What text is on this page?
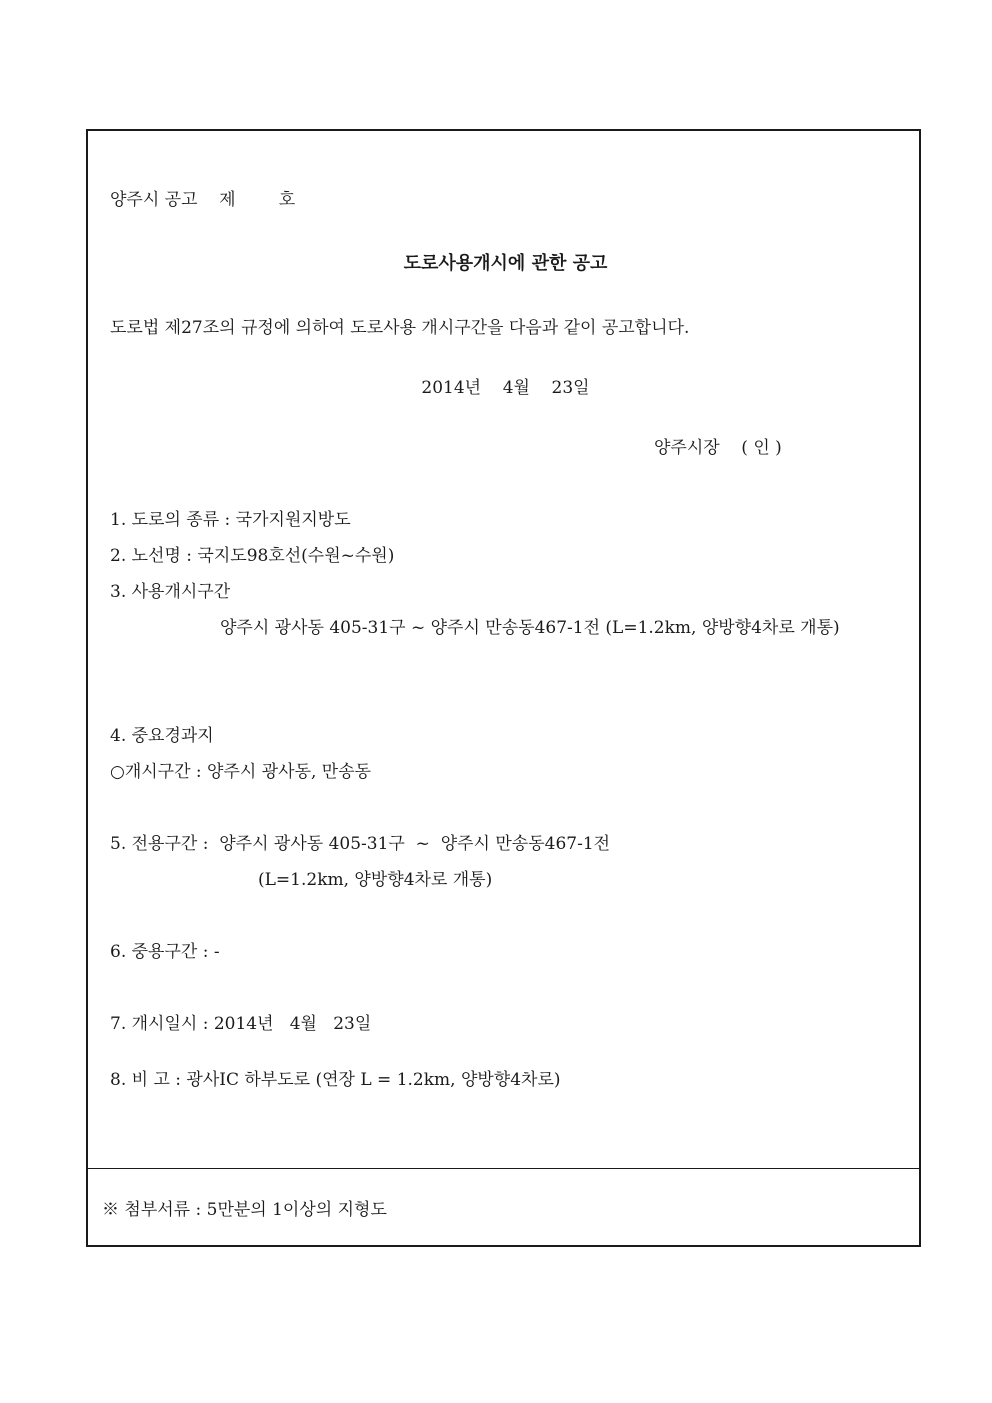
양주시 공고    제        호
도로사용개시에 관한 공고
도로법 제27조의 규정에 의하여 도로사용 개시구간을 다음과 같이 공고합니다.
2014년    4월    23일
양주시장    ( 인 )
1. 도로의 종류 : 국가지원지방도
2. 노선명 : 국지도98호선(수원~수원)
3. 사용개시구간
양주시 광사동 405-31구 ~ 양주시 만송동467-1전 (L=1.2km, 양방향4차로 개통)
4. 중요경과지
○개시구간 : 양주시 광사동, 만송동
5. 전용구간 :  양주시 광사동 405-31구  ~  양주시 만송동467-1전
(L=1.2km, 양방향4차로 개통)
6. 중용구간 : -
7. 개시일시 : 2014년   4월   23일
8. 비 고 : 광사IC 하부도로 (연장 L = 1.2km, 양방향4차로)
※ 첨부서류 : 5만분의 1이상의 지형도
